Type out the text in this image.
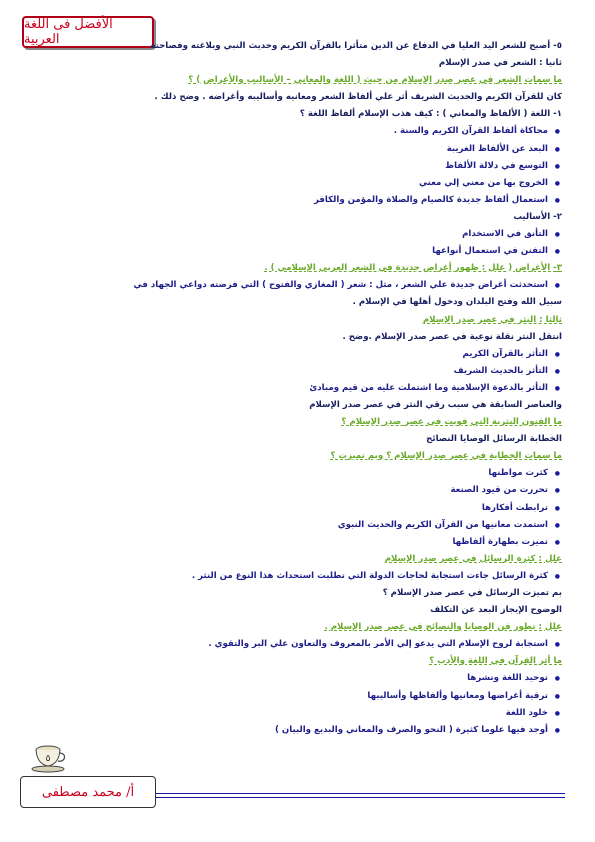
الأفضل فى اللغة العربية	٥- أصبح للشعر اليد العليا في الدفاع عن الدين متأثرا بالقرآن الكريم وحديث النبي وبلاغته وفصاحته
ثانيا : الشعر في صدر الإسلام
ما سمات الشعر في عصر صدر الإسلام من حيث ( اللغة والمعاني – الأساليب والأغراض ) ؟
كان للقرآن الكريم والحديث الشريف أثر علي ألفاظ الشعر ومعانيه وأساليبه وأغراضه . وضح ذلك .
١- اللغة ( الألفاظ والمعاني ) : كيف هذب الإسلام ألفاظ اللغة ؟
● محاكاة ألفاظ القرآن الكريم والسنة .
● البعد عن الألفاظ الغريبة
● التوسع في دلالة الألفاظ
● الخروج بها من معني إلي معني
● استعمال ألفاظ جديدة كالصيام والصلاة والمؤمن والكافر
٢- الأساليب
● التأنق في الاستخدام
● التفنن في استعمال أنواعها
٣- الأغراض ( علل : ظهور أغراض جديدة في الشعر العربي الإسلامي ) .
● استحدثت أغراض جديدة علي الشعر ، مثل : شعر ( المغازي والفتوح ) التي فرضته دواعي الجهاد في
سبيل الله وفتح البلدان ودخول أهلها في الإسلام .
ثالثا : النثر في عصر صدر الإسلام
انتقل النثر نقلة نوعية في عصر صدر الإسلام .وضح .
● التأثر بالقرآن الكريم
● التأثر بالحديث الشريف
● التأثر بالدعوة الإسلامية وما اشتملت عليه من قيم ومبادئ
والعناصر السابقة هي سبب رقي النثر في عصر صدر الإسلام
ما الفنون النثرية التي قويت في عصر صدر الإسلام ؟
الخطابة الرسائل الوصايا النصائح
ما سمات الخطابة في عصر صدر الإسلام ؟ وبم تميزت ؟
● كثرت مواطنها
● تحررت من قيود الصنعة
● ترابطت أفكارها
● استمدت معانيها من القرآن الكريم والحديث النبوي
● تميزت بطهارة ألفاظها
علل : كثرة الرسائل في عصر صدر الإسلام
● كثرة الرسائل جاءت استجابة لحاجات الدولة التي تطلبت استحداث هذا النوع من النثر .
بم تميزت الرسائل في عصر صدر الإسلام ؟
الوضوح الإيجاز البعد عن التكلف
علل : تطور فن الوصايا والنصائح في عصر صدر الإسلام .
● استجابة لروح الإسلام التي يدعو إلي الأمر بالمعروف والتعاون علي البر والتقوي .
ما أثر القرآن في اللغة والأدب ؟
● توحيد اللغة ونشرها
● ترقية أغراضها ومعانيها وألفاظها وأساليبها
● خلود اللغة
● أوجد فيها علوما كثيرة ( النحو والصرف والمعاني والبديع والبيان )
٥
أ/ محمد مصطفى
